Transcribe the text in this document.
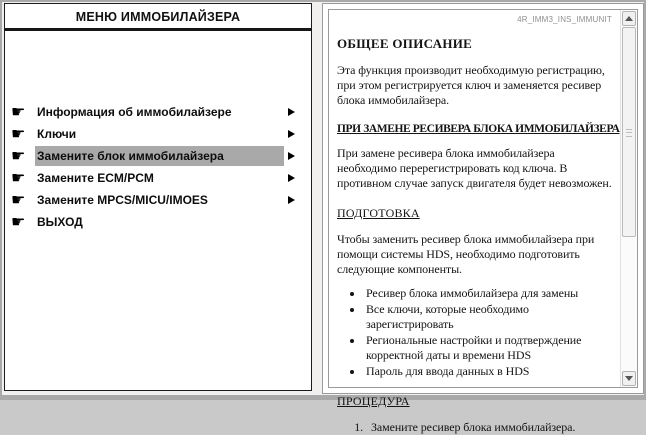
МЕНЮ ИММОБИЛАЙЗЕРА
☛ Информация об иммобилайзере
☛ Ключи
☛ Замените блок иммобилайзера
☛ Замените ECM/PCM
☛ Замените MPCS/MICU/IMOES
☛ ВЫХОД
4R_IMM3_INS_IMMUNIT
ОБЩЕЕ ОПИСАНИЕ
Эта функция производит необходимую регистрацию, при этом регистрируется ключ и заменяется ресивер блока иммобилайзера.
ПРИ ЗАМЕНЕ РЕСИВЕРА БЛОКА ИММОБИЛАЙЗЕРА
При замене ресивера блока иммобилайзера необходимо перерегистрировать код ключа. В противном случае запуск двигателя будет невозможен.
ПОДГОТОВКА
Чтобы заменить ресивер блока иммобилайзера при помощи системы HDS, необходимо подготовить следующие компоненты.
• Ресивер блока иммобилайзера для замены
• Все ключи, которые необходимо зарегистрировать
• Региональные настройки и подтверждение корректной даты и времени HDS
• Пароль для ввода данных в HDS
ПРОЦЕДУРА
1. Замените ресивер блока иммобилайзера.
